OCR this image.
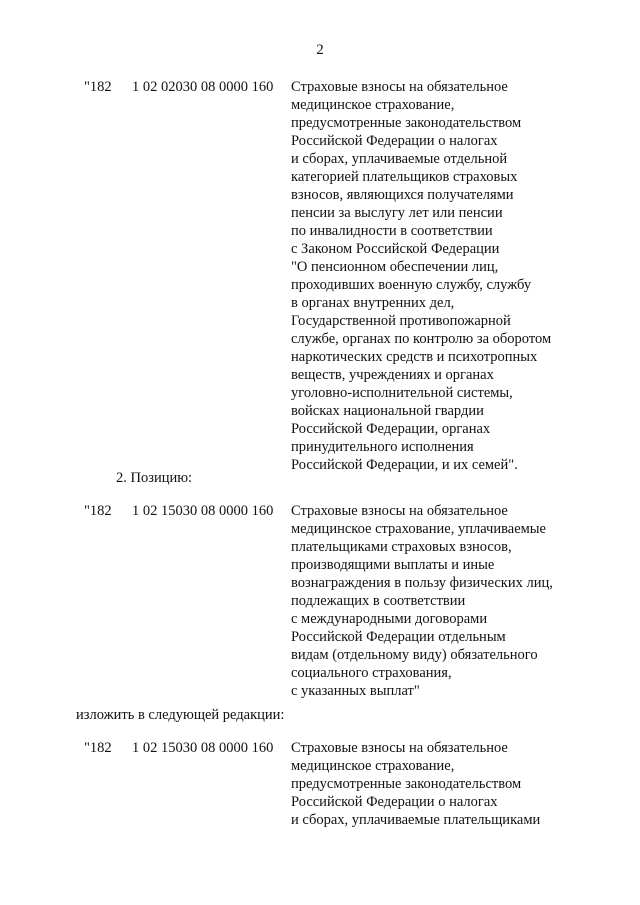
2
"182 1 02 02030 08 0000 160 Страховые взносы на обязательное
медицинское страхование,
предусмотренные законодательством
Российской Федерации о налогах
и сборах, уплачиваемые отдельной
категорией плательщиков страховых
взносов, являющихся получателями
пенсии за выслугу лет или пенсии
по инвалидности в соответствии
с Законом Российской Федерации
"О пенсионном обеспечении лиц,
проходивших военную службу, службу
в органах внутренних дел,
Государственной противопожарной
службе, органах по контролю за оборотом
наркотических средств и психотропных
веществ, учреждениях и органах
уголовно-исполнительной системы,
войсках национальной гвардии
Российской Федерации, органах
принудительного исполнения
Российской Федерации, и их семей".
2. Позицию:
"182 1 02 15030 08 0000 160 Страховые взносы на обязательное
медицинское страхование, уплачиваемые
плательщиками страховых взносов,
производящими выплаты и иные
вознаграждения в пользу физических лиц,
подлежащих в соответствии
с международными договорами
Российской Федерации отдельным
видам (отдельному виду) обязательного
социального страхования,
с указанных выплат"
изложить в следующей редакции:
"182 1 02 15030 08 0000 160 Страховые взносы на обязательное
медицинское страхование,
предусмотренные законодательством
Российской Федерации о налогах
и сборах, уплачиваемые плательщиками
